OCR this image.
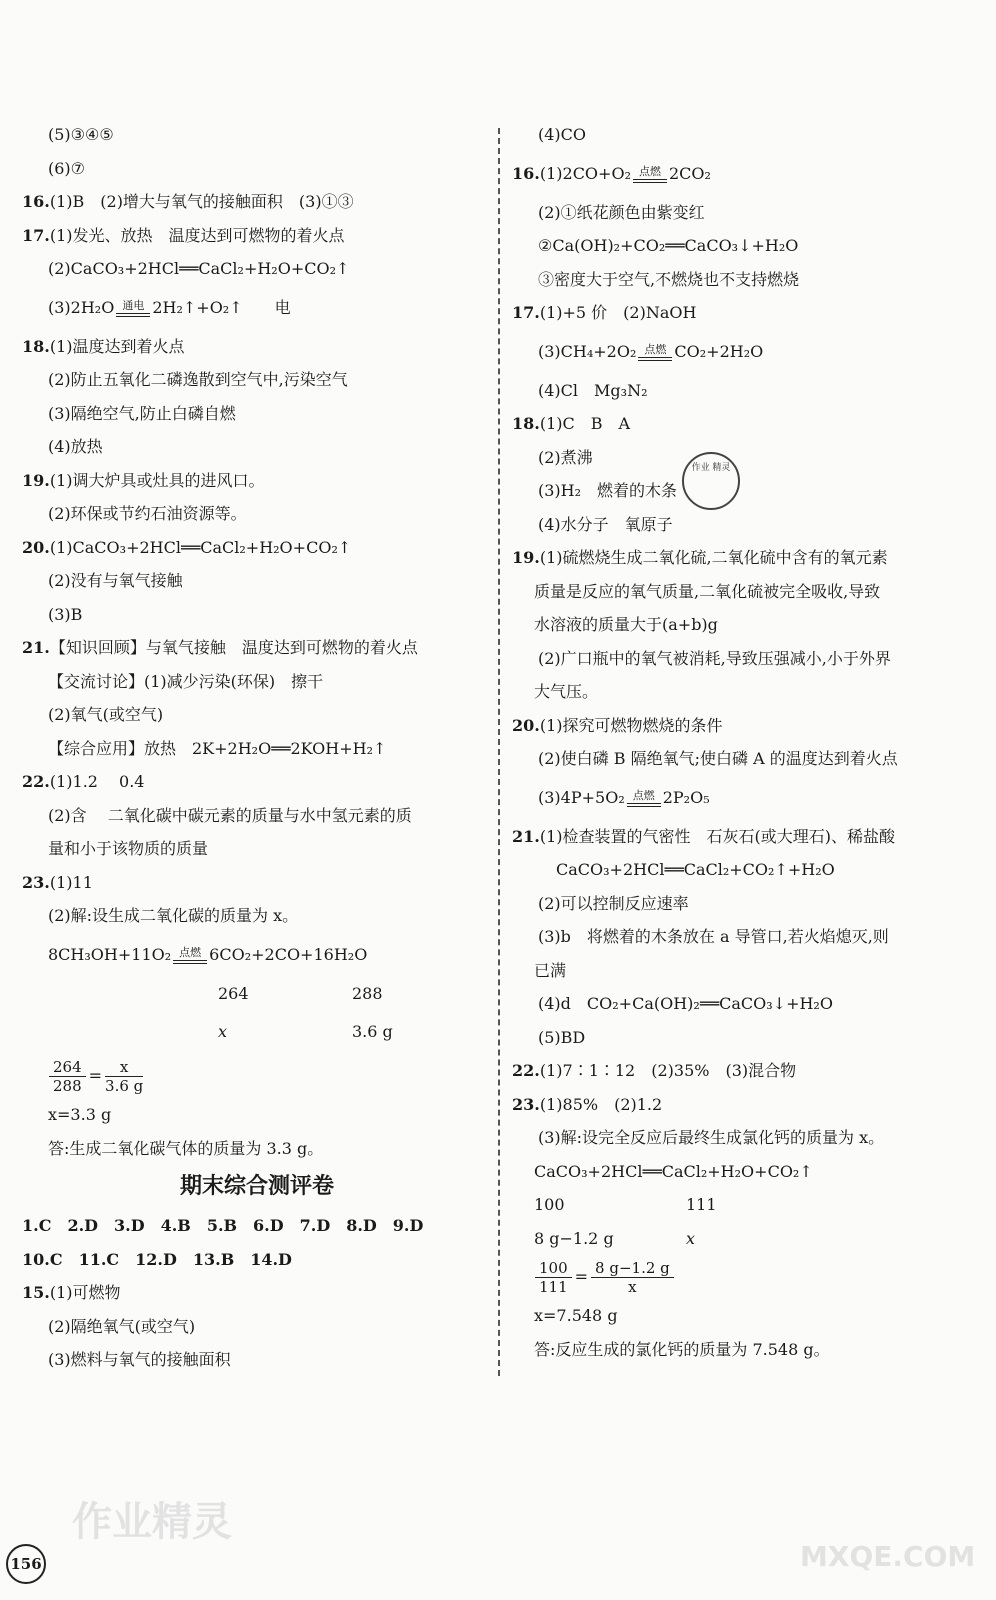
(5)③④⑤
(6)⑦
16.(1)B　(2)增大与氧气的接触面积　(3)①③
17.(1)发光、放热　温度达到可燃物的着火点
(2)CaCO₃+2HCl══CaCl₂+H₂O+CO₂↑
(3)2H₂O 通电 2H₂↑+O₂↑　　电
18.(1)温度达到着火点
(2)防止五氧化二磷逸散到空气中,污染空气
(3)隔绝空气,防止白磷自燃
(4)放热
19.(1)调大炉具或灶具的进风口。
(2)环保或节约石油资源等。
20.(1)CaCO₃+2HCl══CaCl₂+H₂O+CO₂↑
(2)没有与氧气接触
(3)B
21.【知识回顾】与氧气接触　温度达到可燃物的着火点
【交流讨论】(1)减少污染(环保)　擦干
(2)氧气(或空气)
【综合应用】放热　2K+2H₂O══2KOH+H₂↑
22.(1)1.2　 0.4
(2)含　 二氧化碳中碳元素的质量与水中氢元素的质
量和小于该物质的质量
23.(1)11
(2)解:设生成二氧化碳的质量为 x。
8CH₃OH+11O₂ 点燃 6CO₂+2CO+16H₂O
264	288
x	3.6 g
$\frac{264}{288} = \frac{x}{3.6 g}$
x=3.3 g
答:生成二氧化碳气体的质量为 3.3 g。
期末综合测评卷
1.C　2.D　3.D　4.B　5.B　6.D　7.D　8.D　9.D
10.C　11.C　12.D　13.B　14.D
15.(1)可燃物
(2)隔绝氧气(或空气)
(3)燃料与氧气的接触面积
(4)CO
16.(1)2CO+O₂ 点燃 2CO₂
(2)①纸花颜色由紫变红
②Ca(OH)₂+CO₂══CaCO₃↓+H₂O
③密度大于空气,不燃烧也不支持燃烧
17.(1)+5 价　(2)NaOH
(3)CH₄+2O₂ 点燃 CO₂+2H₂O
(4)Cl　Mg₃N₂
18.(1)C　B　A
(2)煮沸
(3)H₂　燃着的木条
(4)水分子　氧原子
19.(1)硫燃烧生成二氧化硫,二氧化硫中含有的氧元素
质量是反应的氧气质量,二氧化硫被完全吸收,导致
水溶液的质量大于(a+b)g
(2)广口瓶中的氧气被消耗,导致压强减小,小于外界
大气压。
20.(1)探究可燃物燃烧的条件
(2)使白磷 B 隔绝氧气;使白磷 A 的温度达到着火点
(3)4P+5O₂ 点燃 2P₂O₅
21.(1)检查装置的气密性　石灰石(或大理石)、稀盐酸
CaCO₃+2HCl══CaCl₂+CO₂↑+H₂O
(2)可以控制反应速率
(3)b　将燃着的木条放在 a 导管口,若火焰熄灭,则
已满
(4)d　CO₂+Ca(OH)₂══CaCO₃↓+H₂O
(5)BD
22.(1)7∶1∶12　(2)35%　(3)混合物
23.(1)85%　(2)1.2
(3)解:设完全反应后最终生成氯化钙的质量为 x。
CaCO₃+2HCl══CaCl₂+H₂O+CO₂↑
100	111
8 g−1.2 g	x
$\frac{100}{111} = \frac{8 g-1.2 g}{x}$
x=7.548 g
答:反应生成的氯化钙的质量为 7.548 g。
作业 精灵
作业精灵
MXQE.COM
156
